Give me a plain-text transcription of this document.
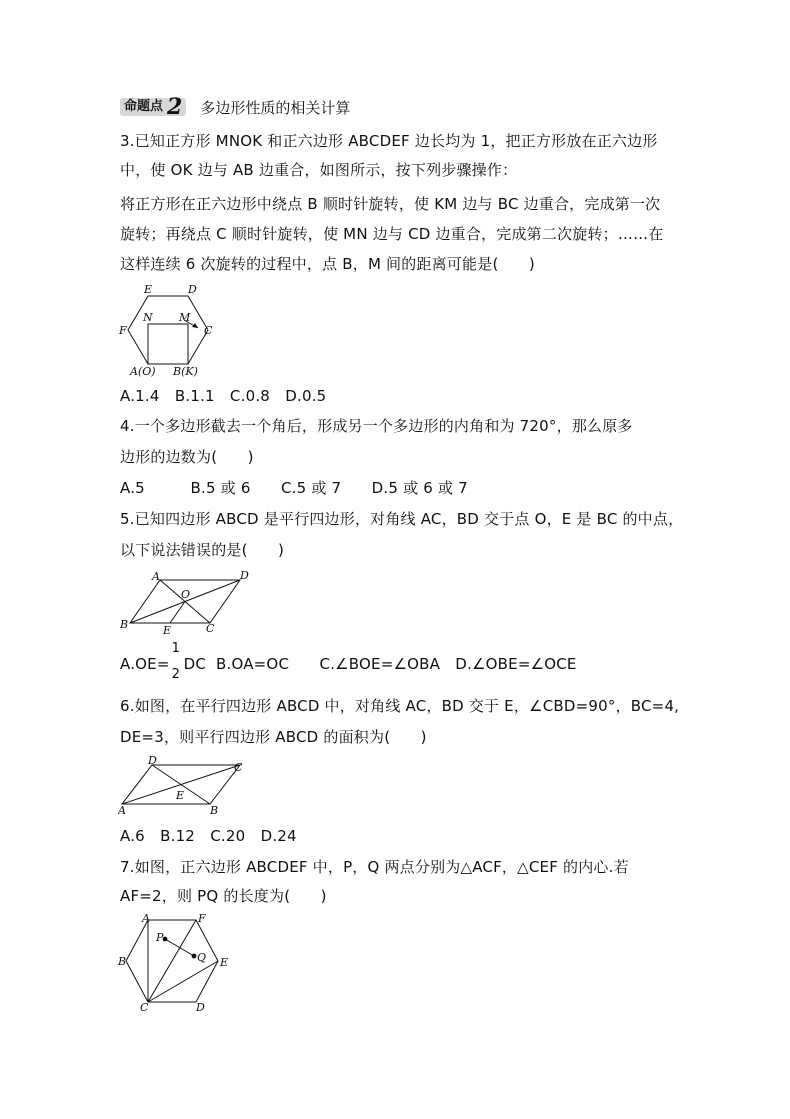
命题点 2 多边形性质的相关计算
3.已知正方形 MNOK 和正六边形 ABCDEF 边长均为 1，把正方形放在正六边形
中，使 OK 边与 AB 边重合，如图所示，按下列步骤操作：
将正方形在正六边形中绕点 B 顺时针旋转，使 KM 边与 BC 边重合，完成第一次
旋转；再绕点 C 顺时针旋转，使 MN 边与 CD 边重合，完成第二次旋转；……在
这样连续 6 次旋转的过程中，点 B，M 间的距离可能是(　　)
E	D
F	C
N M
A(O) B(K)
A.1.4　B.1.1　C.0.8　D.0.5
4.一个多边形截去一个角后，形成另一个多边形的内角和为 720°，那么原多
边形的边数为(　　)
A.5　　　B.5 或 6　　C.5 或 7　　D.5 或 6 或 7
5.已知四边形 ABCD 是平行四边形，对角线 AC，BD 交于点 O，E 是 BC 的中点，
以下说法错误的是(　　)
A	D
O
B	E	C
A.OE=
1
2
DC B.OA=OC　　C.∠BOE=∠OBA　D.∠OBE=∠OCE
6.如图，在平行四边形 ABCD 中，对角线 AC，BD 交于 E，∠CBD=90°，BC=4,
DE=3，则平行四边形 ABCD 的面积为(　　)
D
C
E
A	B
A.6　B.12　C.20　D.24
7.如图，正六边形 ABCDEF 中，P，Q 两点分别为△ACF，△CEF 的内心.若
AF=2，则 PQ 的长度为(　　)
A	F
P
Q
B	E
C	D
